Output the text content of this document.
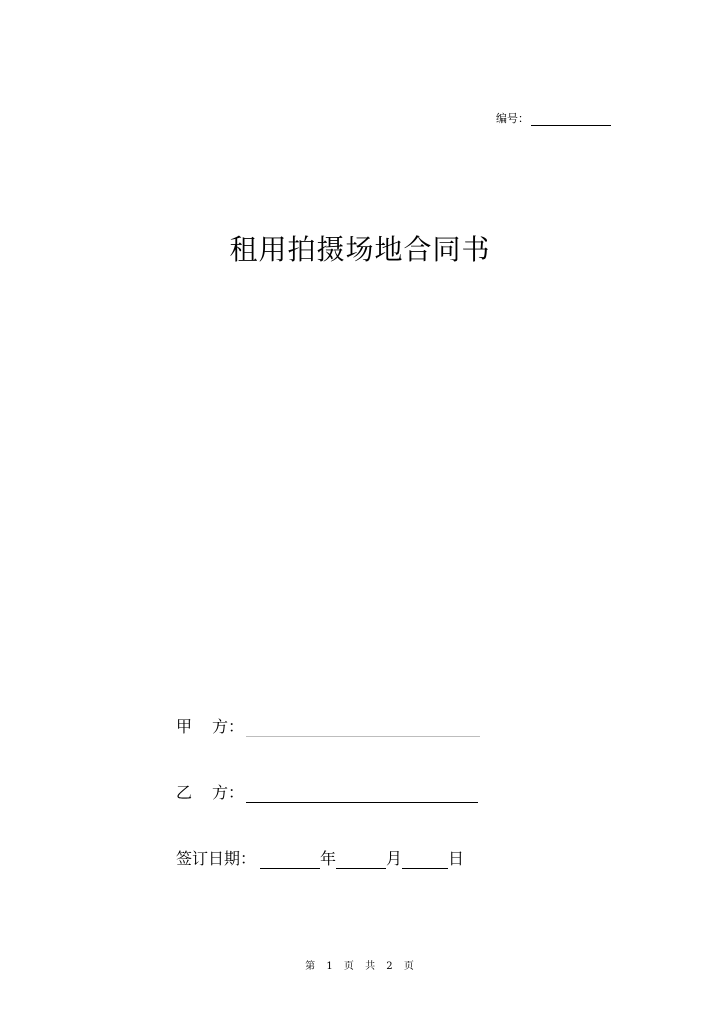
编号：
租用拍摄场地合同书
甲	方：
乙	方：
签订日期：	年	月	日
第 1 页 共 2 页
